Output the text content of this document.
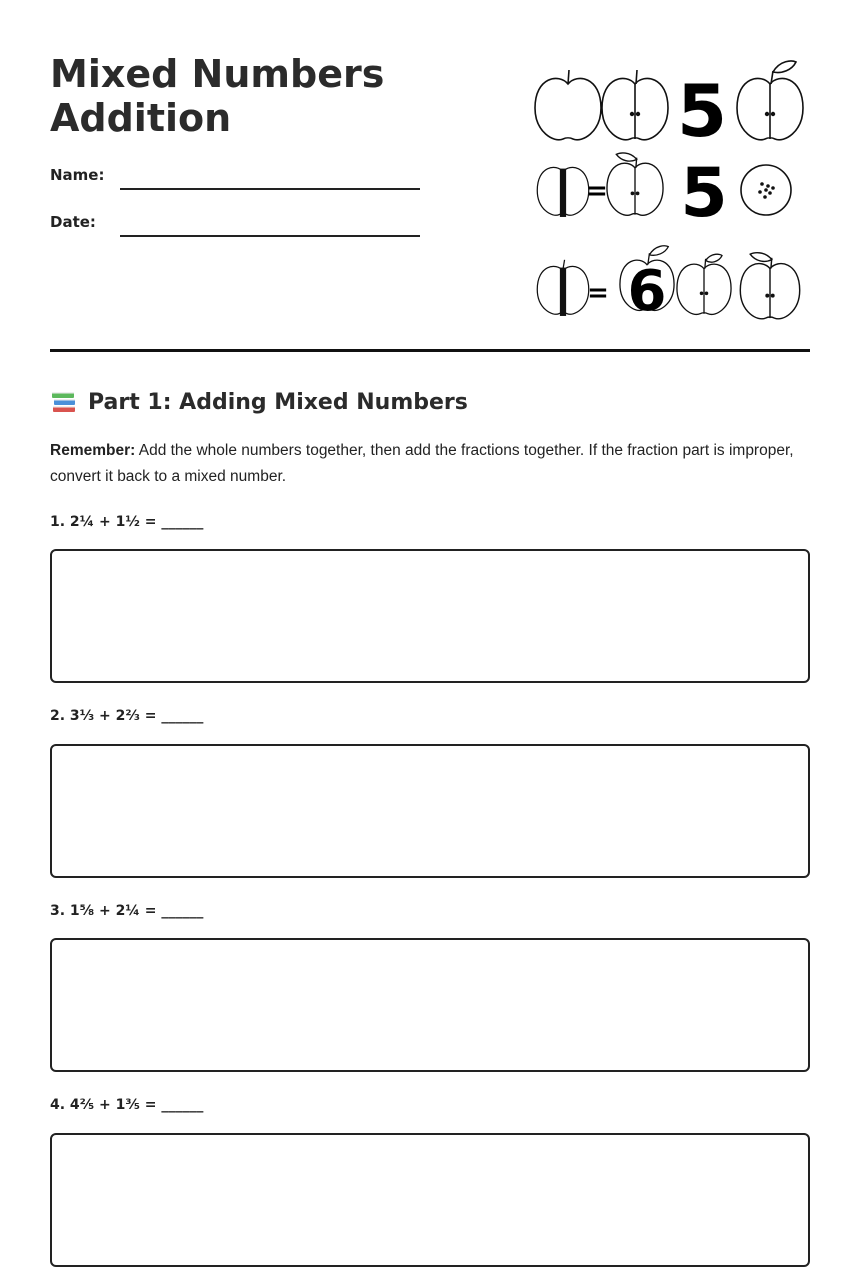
Mixed Numbers
Addition
Name:
Date:
5
5
6
=
=
Part 1: Adding Mixed Numbers

Remember: Add the whole numbers together, then add the fractions together. If the fraction part is improper, convert it back to a mixed number.

1. 2¼ + 1½ = ______
2. 3⅓ + 2⅔ = ______
3. 1⅝ + 2¼ = ______
4. 4⅖ + 1⅗ = ______
